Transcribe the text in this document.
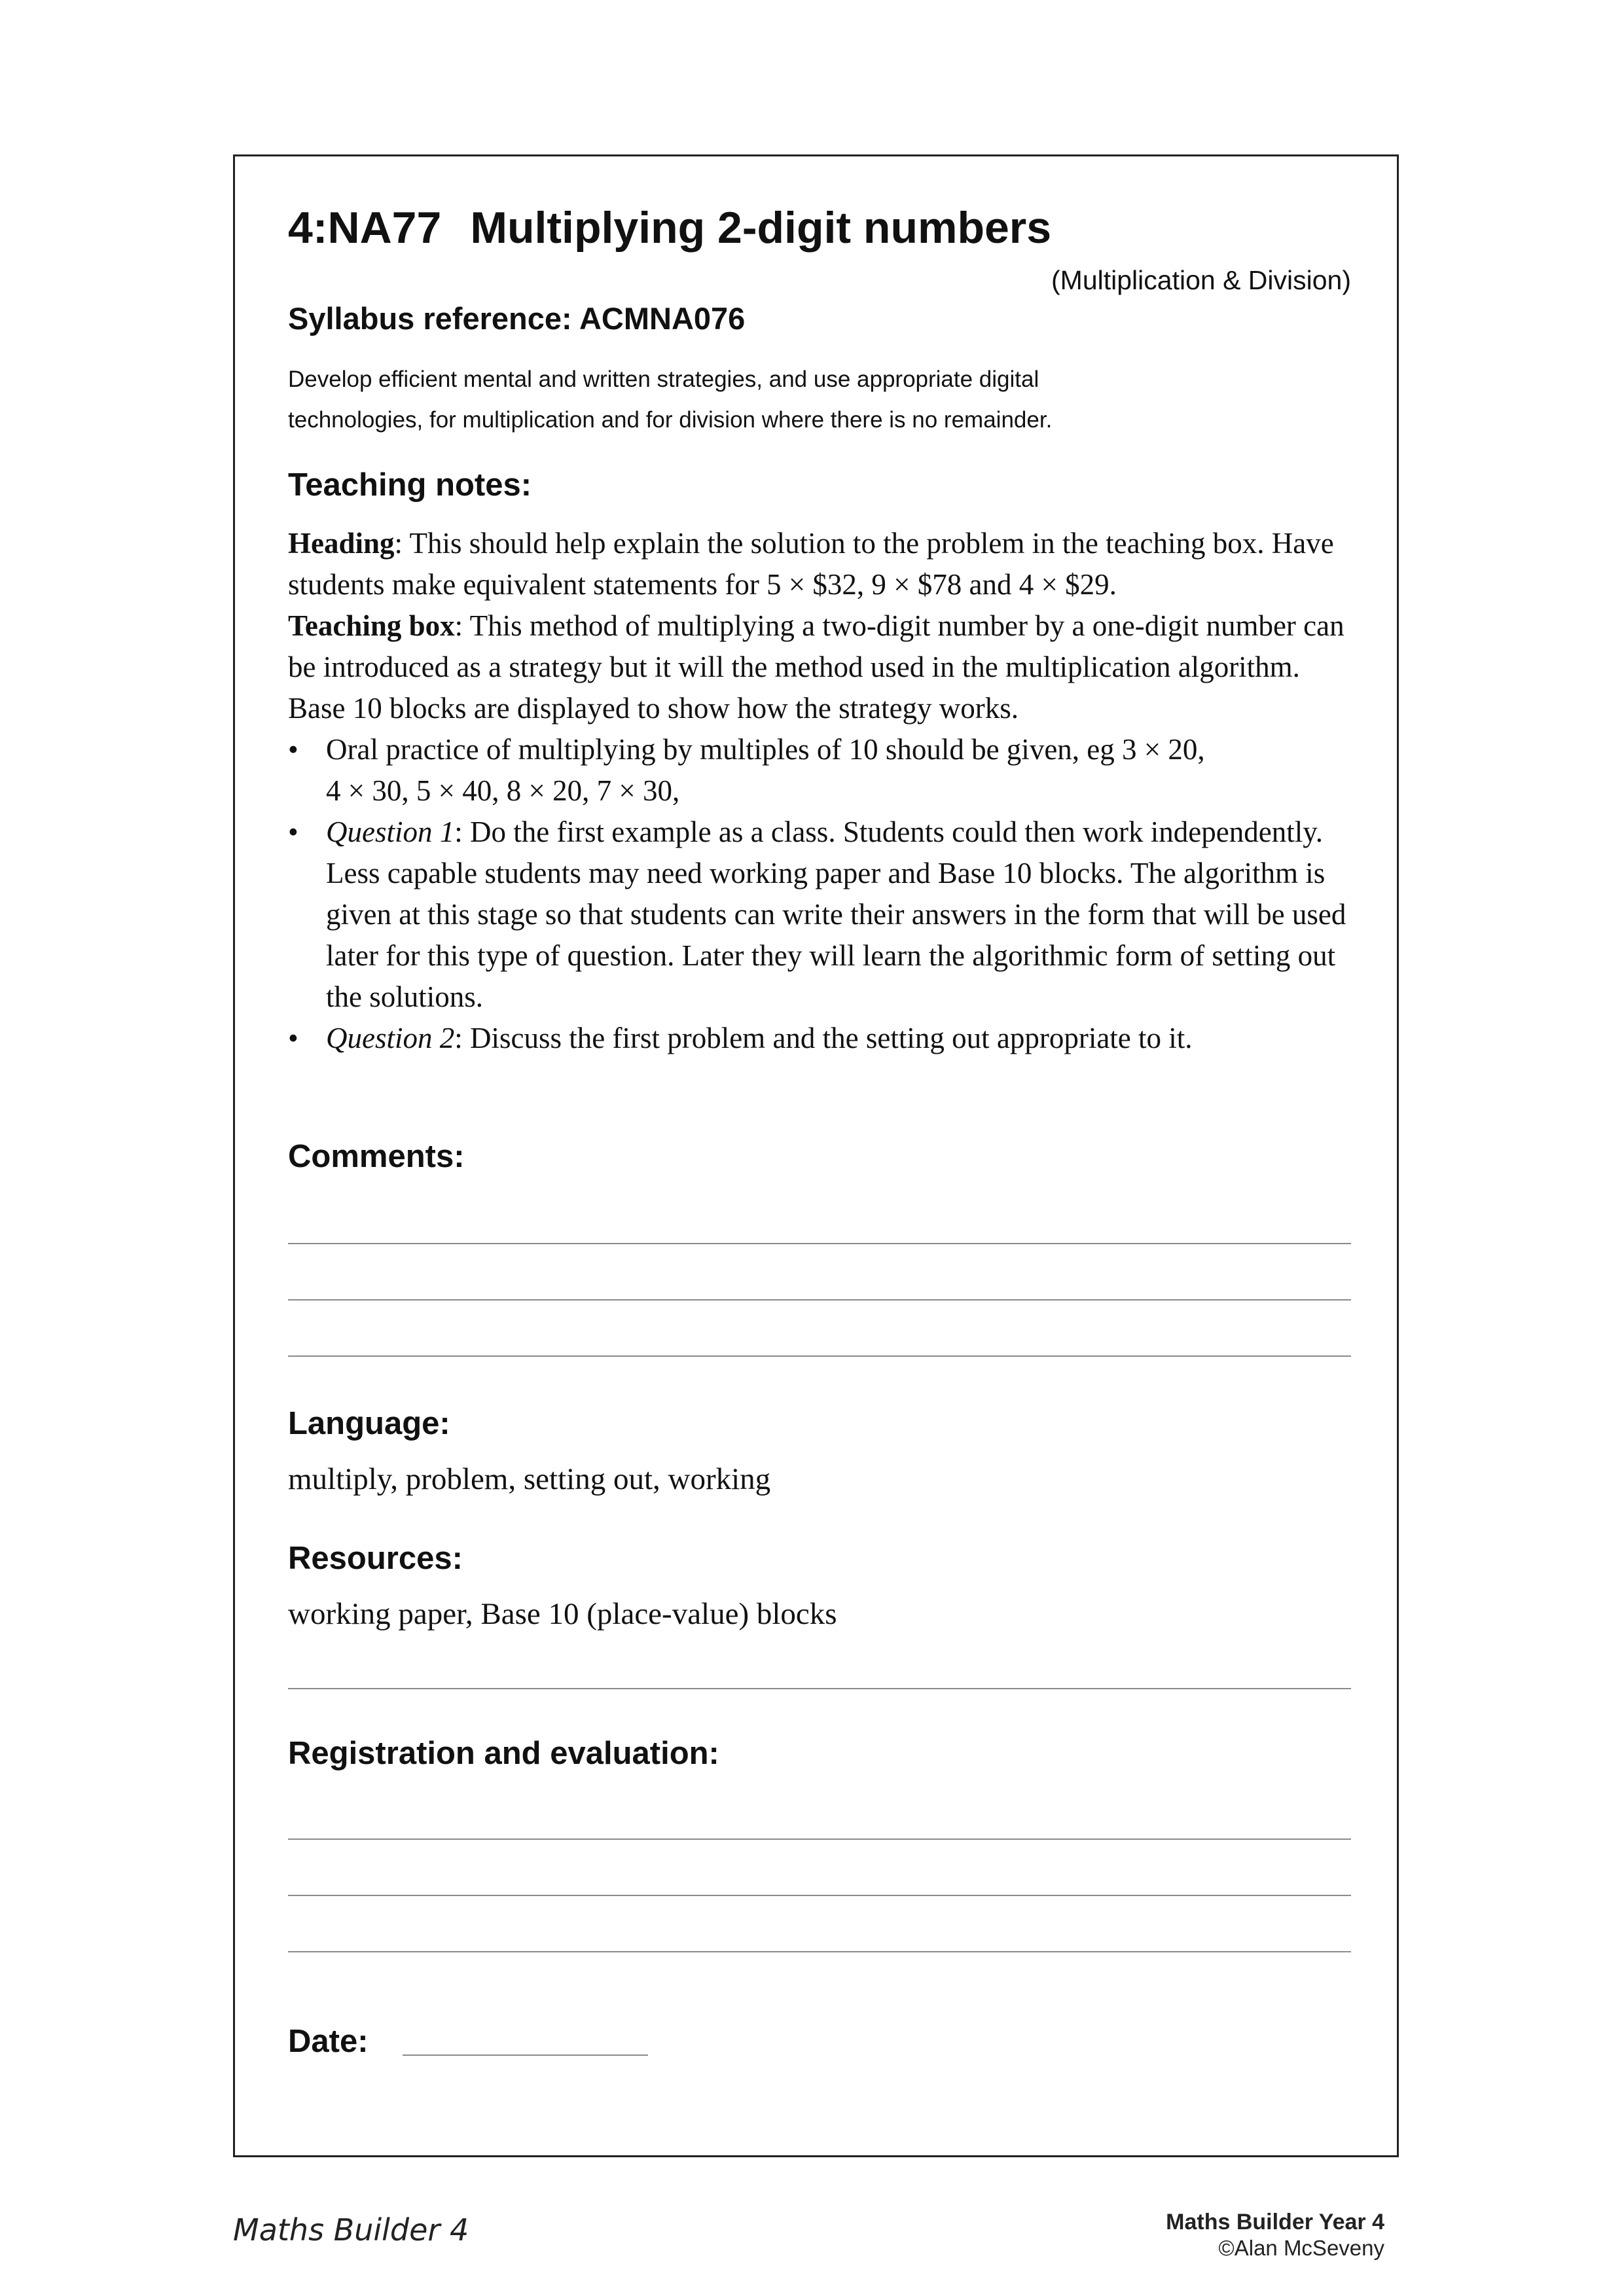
4:NA77 Multiplying 2-digit numbers
(Multiplication & Division)
Syllabus reference: ACMNA076
Develop efficient mental and written strategies, and use appropriate digital
technologies, for multiplication and for division where there is no remainder.
Teaching notes:

Heading: This should help explain the solution to the problem in the teaching box. Have students make equivalent statements for 5 × $32, 9 × $78 and 4 × $29.

Teaching box: This method of multiplying a two-digit number by a one-digit number can be introduced as a strategy but it will the method used in the multiplication algorithm. Base 10 blocks are displayed to show how the strategy works.

• Oral practice of multiplying by multiples of 10 should be given, eg 3 × 20,
4 × 30, 5 × 40, 8 × 20, 7 × 30,
• Question 1: Do the first example as a class. Students could then work independently. Less capable students may need working paper and Base 10 blocks. The algorithm is given at this stage so that students can write their answers in the form that will be used later for this type of question. Later they will learn the algorithmic form of setting out the solutions.
• Question 2: Discuss the first problem and the setting out appropriate to it.
Comments:
Language:
multiply, problem, setting out, working
Resources:
working paper, Base 10 (place-value) blocks
Registration and evaluation:
Date:
Maths Builder 4	Maths Builder Year 4
©Alan McSeveny
